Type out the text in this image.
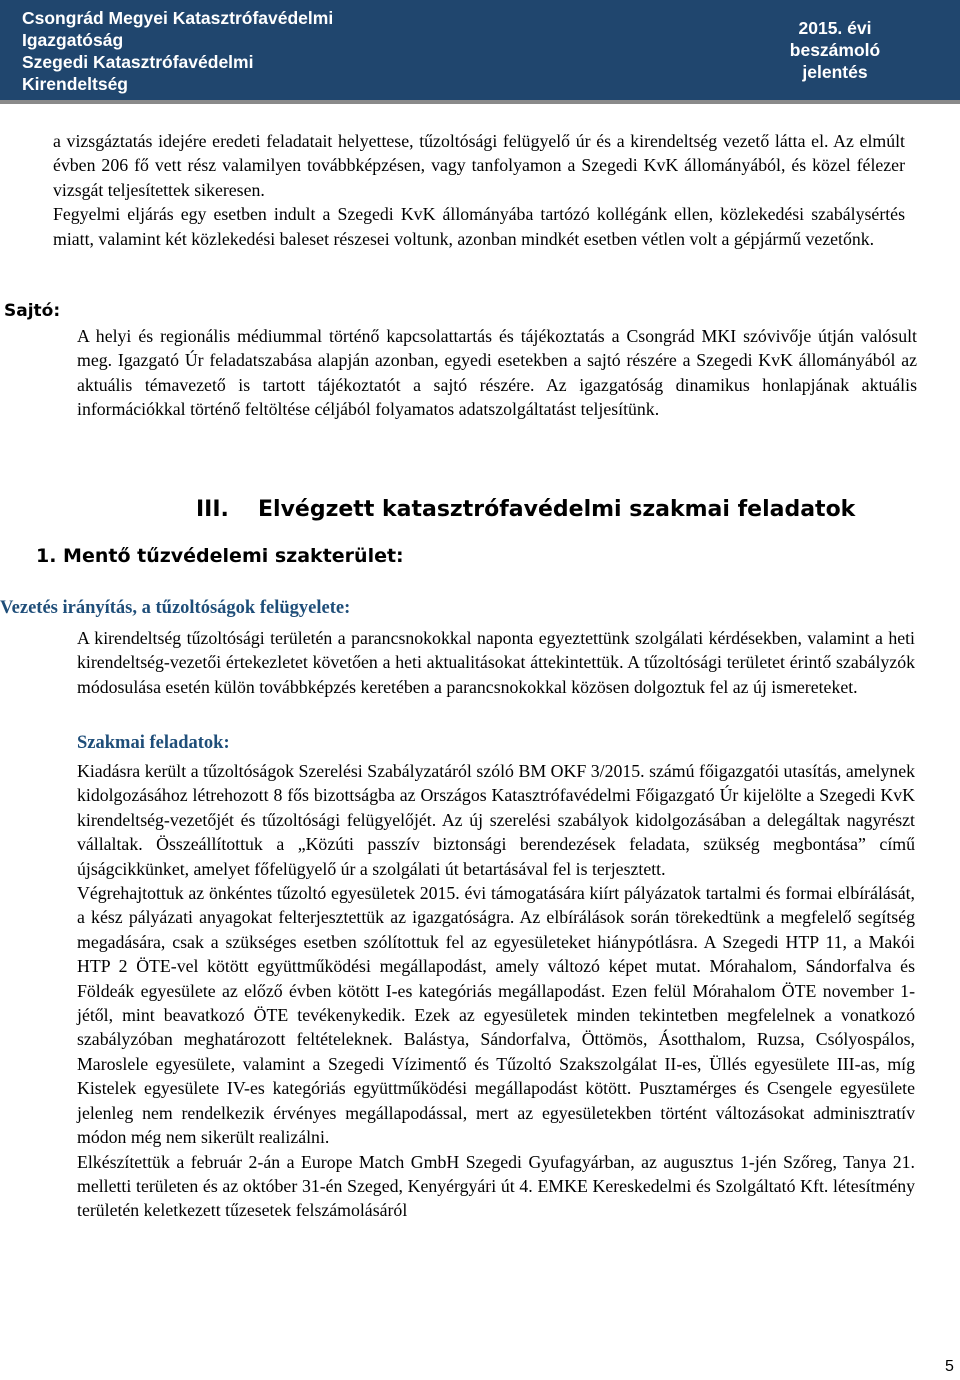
Csongrád Megyei Katasztrófavédelmi
Igazgatóság
Szegedi Katasztrófavédelmi
Kirendeltség
2015. évi
beszámoló jelentés

a vizsgáztatás idejére eredeti feladatait helyettese, tűzoltósági felügyelő úr és a kirendeltség vezető látta el. Az elmúlt évben 206 fő vett rész valamilyen továbbképzésen, vagy tanfolyamon a Szegedi KvK állományából, és közel félezer vizsgát teljesítettek sikeresen.

Fegyelmi eljárás egy esetben indult a Szegedi KvK állományába tartózó kollégánk ellen, közlekedési szabálysértés miatt, valamint két közlekedési baleset részesei voltunk, azonban mindkét esetben vétlen volt a gépjármű vezetőnk.

Sajtó:

A helyi és regionális médiummal történő kapcsolattartás és tájékoztatás a Csongrád MKI szóvivője útján valósult meg. Igazgató Úr feladatszabása alapján azonban, egyedi esetekben a sajtó részére a Szegedi KvK állományából az aktuális témavezető is tartott tájékoztatót a sajtó részére. Az igazgatóság dinamikus honlapjának aktuális információkkal történő feltöltése céljából folyamatos adatszolgáltatást teljesítünk.

III. Elvégzett katasztrófavédelmi szakmai feladatok
1. Mentő tűzvédelemi szakterület:
Vezetés irányítás, a tűzoltóságok felügyelete:

A kirendeltség tűzoltósági területén a parancsnokokkal naponta egyeztettünk szolgálati kérdésekben, valamint a heti kirendeltség-vezetői értekezletet követően a heti aktualitásokat áttekintettük. A tűzoltósági területet érintő szabályzók módosulása esetén külön továbbképzés keretében a parancsnokokkal közösen dolgoztuk fel az új ismereteket.

Szakmai feladatok:

Kiadásra került a tűzoltóságok Szerelési Szabályzatáról szóló BM OKF 3/2015. számú főigazgatói utasítás, amelynek kidolgozásához létrehozott 8 fős bizottságba az Országos Katasztrófavédelmi Főigazgató Úr kijelölte a Szegedi KvK kirendeltség-vezetőjét és tűzoltósági felügyelőjét. Az új szerelési szabályok kidolgozásában a delegáltak nagyrészt vállaltak. Összeállítottuk a „Közúti passzív biztonsági berendezések feladata, szükség megbontása” című újságcikkünket, amelyet főfelügyelő úr a szolgálati út betartásával fel is terjesztett.

Végrehajtottuk az önkéntes tűzoltó egyesületek 2015. évi támogatására kiírt pályázatok tartalmi és formai elbírálását, a kész pályázati anyagokat felterjesztettük az igazgatóságra. Az elbírálások során törekedtünk a megfelelő segítség megadására, csak a szükséges esetben szólítottuk fel az egyesületeket hiánypótlásra. A Szegedi HTP 11, a Makói HTP 2 ÖTE-vel kötött együttműködési megállapodást, amely változó képet mutat. Mórahalom, Sándorfalva és Földeák egyesülete az előző évben kötött I-es kategóriás megállapodást. Ezen felül Mórahalom ÖTE november 1-jétől, mint beavatkozó ÖTE tevékenykedik. Ezek az egyesületek minden tekintetben megfelelnek a vonatkozó szabályzóban meghatározott feltételeknek. Balástya, Sándorfalva, Öttömös, Ásotthalom, Ruzsa, Csólyospálos, Maroslele egyesülete, valamint a Szegedi Vízimentő és Tűzoltó Szakszolgálat II-es, Üllés egyesülete III-as, míg Kistelek egyesülete IV-es kategóriás együttműködési megállapodást kötött. Pusztamérges és Csengele egyesülete jelenleg nem rendelkezik érvényes megállapodással, mert az egyesületekben történt változásokat adminisztratív módon még nem sikerült realizálni.

Elkészítettük a február 2-án a Europe Match GmbH Szegedi Gyufagyárban, az augusztus 1-jén Szőreg, Tanya 21. melletti területen és az október 31-én Szeged, Kenyérgyári út 4. EMKE Kereskedelmi és Szolgáltató Kft. létesítmény területén keletkezett tűzesetek felszámolásáról

5
